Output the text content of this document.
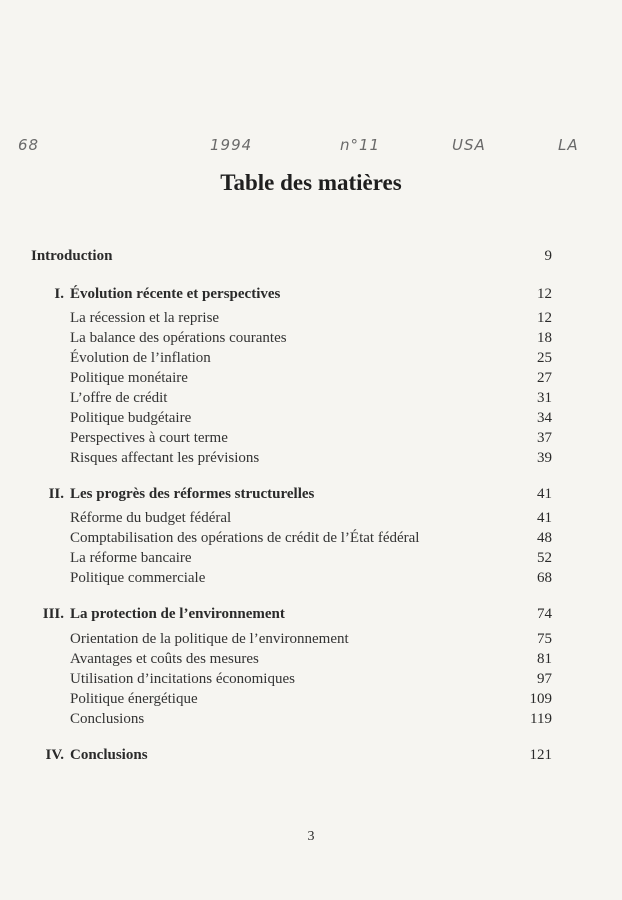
68	1994	n°11	USA	LA
Table des matières
Introduction	9
I. Évolution récente et perspectives	12
La récession et la reprise	12
La balance des opérations courantes	18
Évolution de l’inflation	25
Politique monétaire	27
L’offre de crédit	31
Politique budgétaire	34
Perspectives à court terme	37
Risques affectant les prévisions	39
II. Les progrès des réformes structurelles	41
Réforme du budget fédéral	41
Comptabilisation des opérations de crédit de l’État fédéral	48
La réforme bancaire	52
Politique commerciale	68
III. La protection de l’environnement	74
Orientation de la politique de l’environnement	75
Avantages et coûts des mesures	81
Utilisation d’incitations économiques	97
Politique énergétique	109
Conclusions	119
IV. Conclusions	121
3
